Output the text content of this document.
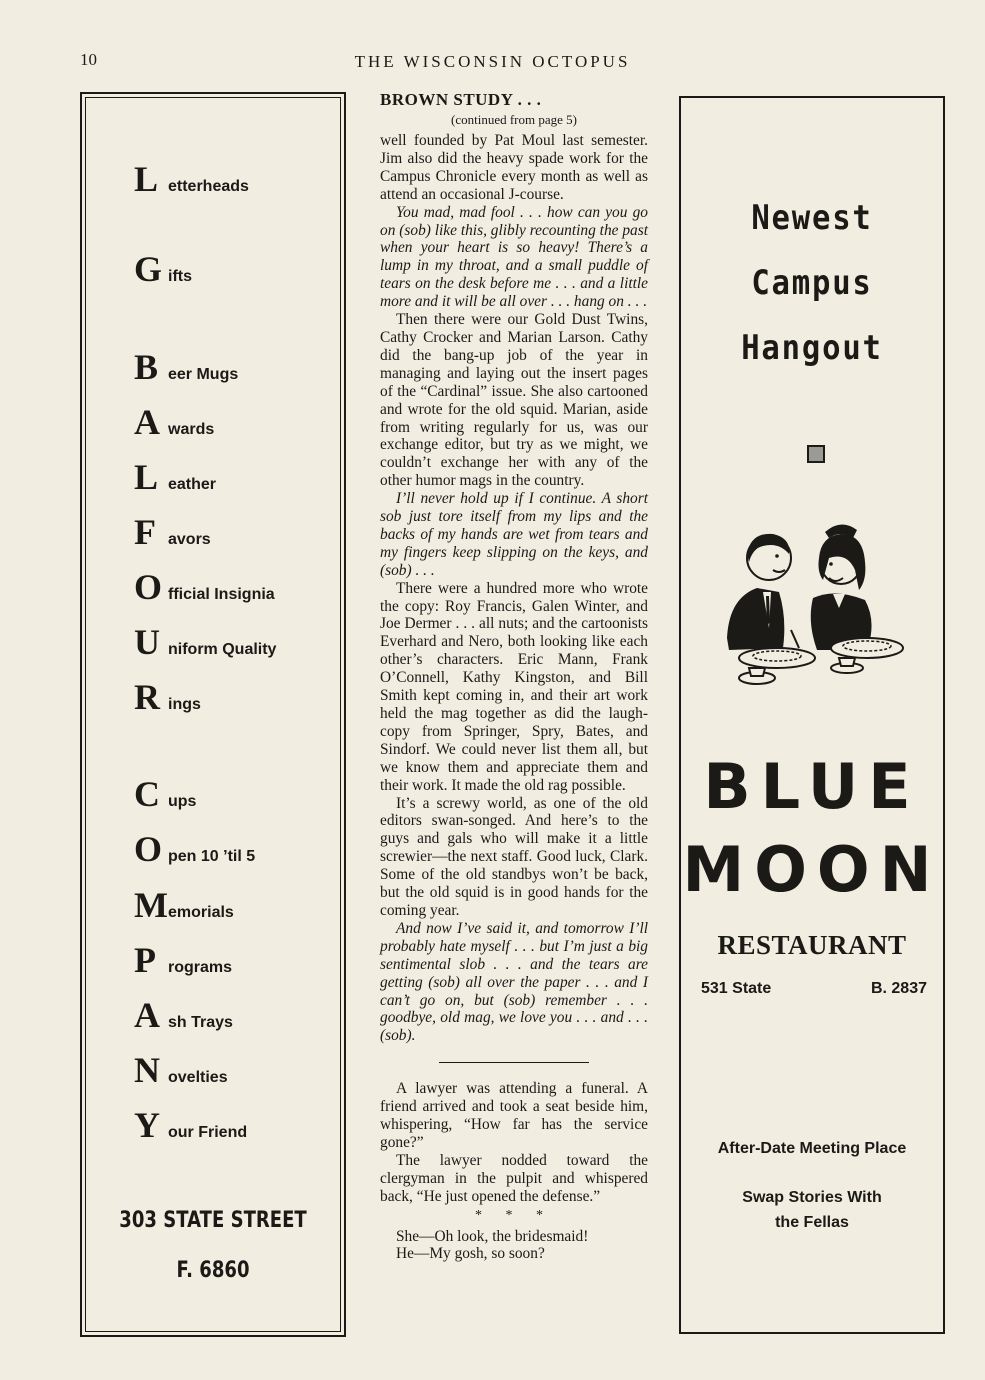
10	THE WISCONSIN OCTOPUS
L etterheads
G ifts
B eer Mugs
A wards
L eather
F avors
O fficial Insignia
U niform Quality
R ings
C ups
O pen 10 ’til 5
M emorials
P rograms
A sh Trays
N ovelties
Y our Friend
303 STATE STREET
F. 6860
BROWN STUDY . . .
(continued from page 5)

well founded by Pat Moul last semester. Jim also did the heavy spade work for the Campus Chronicle every month as well as attend an occasional J-course.

You mad, mad fool . . . how can you go on (sob) like this, glibly recounting the past when your heart is so heavy! There’s a lump in my throat, and a small puddle of tears on the desk before me . . . and a little more and it will be all over . . . hang on . . .

Then there were our Gold Dust Twins, Cathy Crocker and Marian Larson. Cathy did the bang-up job of the year in managing and laying out the insert pages of the “Cardinal” issue. She also cartooned and wrote for the old squid. Marian, aside from writing regularly for us, was our exchange editor, but try as we might, we couldn’t exchange her with any of the other humor mags in the country.

I’ll never hold up if I continue. A short sob just tore itself from my lips and the backs of my hands are wet from tears and my fingers keep slipping on the keys, and (sob) . . .

There were a hundred more who wrote the copy: Roy Francis, Galen Winter, and Joe Dermer . . . all nuts; and the cartoonists Everhard and Nero, both looking like each other’s characters. Eric Mann, Frank O’Connell, Kathy Kingston, and Bill Smith kept coming in, and their art work held the mag together as did the laugh-copy from Springer, Spry, Bates, and Sindorf. We could never list them all, but we know them and appreciate them and their work. It made the old rag possible.

It’s a screwy world, as one of the old editors swan-songed. And here’s to the guys and gals who will make it a little screwier—the next staff. Good luck, Clark. Some of the old standbys won’t be back, but the old squid is in good hands for the coming year.

And now I’ve said it, and tomorrow I’ll probably hate myself . . . but I’m just a big sentimental slob . . . and the tears are getting (sob) all over the paper . . . and I can’t go on, but (sob) remember . . . goodbye, old mag, we love you . . . and . . . (sob).

A lawyer was attending a funeral. A friend arrived and took a seat beside him, whispering, “How far has the service gone?”

The lawyer nodded toward the clergyman in the pulpit and whispered back, “He just opened the defense.”

* * *

She—Oh look, the bridesmaid!

He—My gosh, so soon?

Newest
Campus
Hangout
BLUE
MOON
RESTAURANT
531 State	B. 2837
After-Date Meeting Place
Swap Stories With
the Fellas
